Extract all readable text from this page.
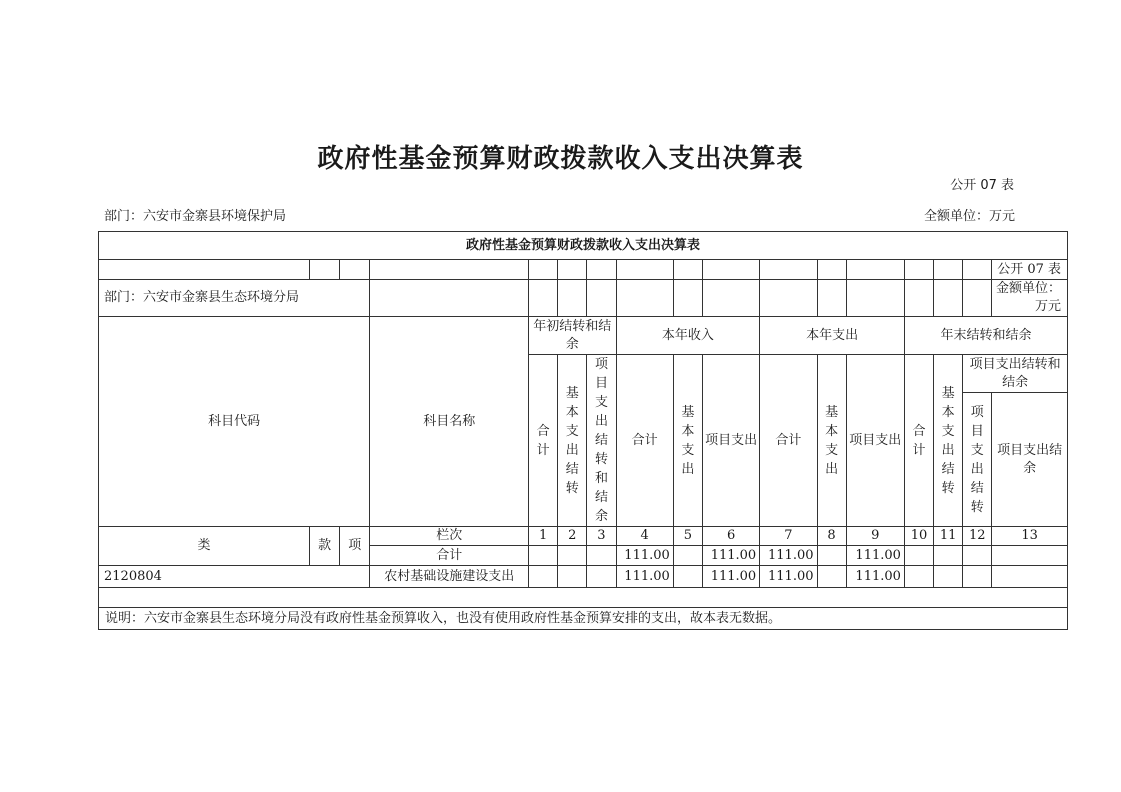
政府性基金预算财政拨款收入支出决算表
公开 07 表
部门：六安市金寨县环境保护局	全额单位：万元
政府性基金预算财政拨款收入支出决算表																
																公开 07 表
部门：六安市金寨县生态环境分局																金额单位：万元
科目代码			科目名称	年初结转和结余			本年收入			本年支出			年末结转和结余			
				合计	基本支出结转	项目支出结转和结余	合计	基本支出	项目支出	合计	基本支出	项目支出	合计	基本支出结转	项目支出结转和结余	
															项目支出结转	项目支出结余
类	款	项	栏次	1	2	3	4	5	6	7	8	9	10	11	12	13
			合计				111.00		111.00	111.00		111.00				
2120804			农村基础设施建设支出				111.00		111.00	111.00		111.00				

说明：六安市金寨县生态环境分局没有政府性基金预算收入，也没有使用政府性基金预算安排的支出，故本表无数据。																
